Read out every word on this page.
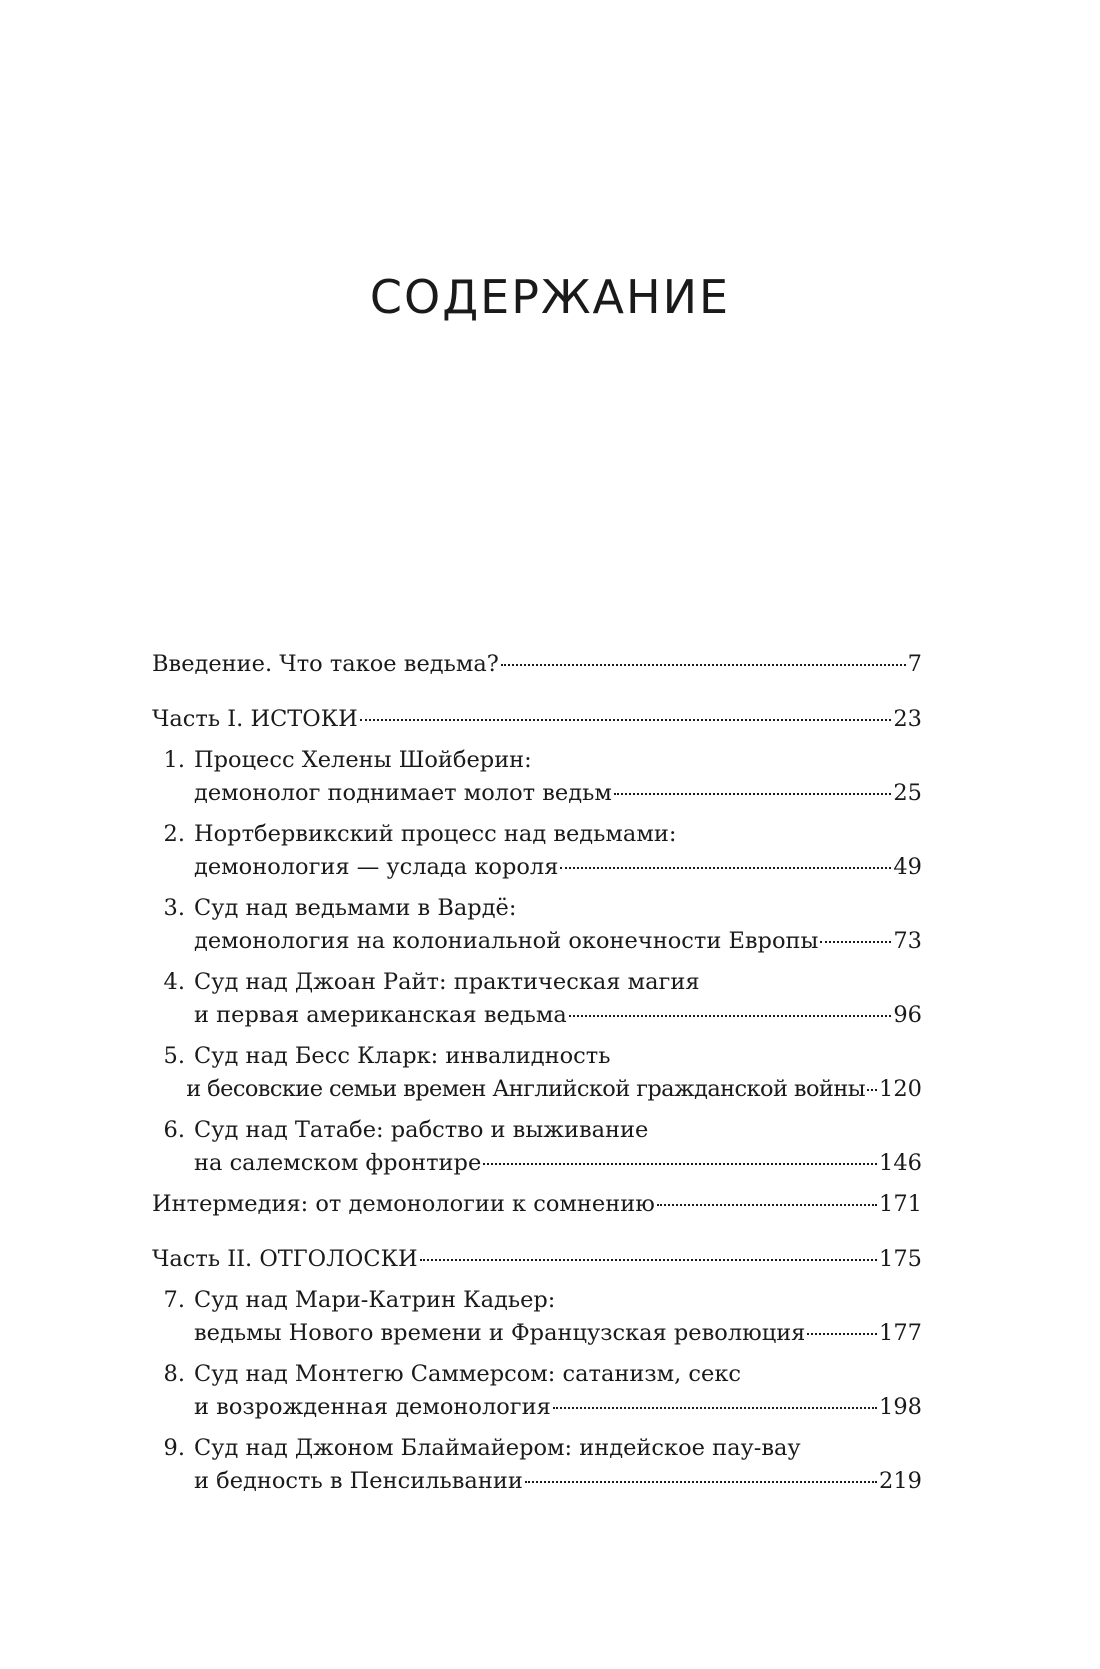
СОДЕРЖАНИЕ
Введение. Что такое ведьма?	7
Часть I. ИСТОКИ	23
1. Процесс Хелены Шойберин:
демонолог поднимает молот ведьм	25
2. Нортбервикский процесс над ведьмами:
демонология — услада короля	49
3. Суд над ведьмами в Вардё:
демонология на колониальной оконечности Европы	73
4. Суд над Джоан Райт: практическая магия
и первая американская ведьма	96
5. Суд над Бесс Кларк: инвалидность
и бесовские семьи времен Английской гражданской войны 120
6. Суд над Татабе: рабство и выживание
на салемском фронтире	146
Интермедия: от демонологии к сомнению	171
Часть II. ОТГОЛОСКИ	175
7. Суд над Мари-Катрин Кадьер:
ведьмы Нового времени и Французская революция	177
8. Суд над Монтегю Саммерсом: сатанизм, секс
и возрожденная демонология	198
9. Суд над Джоном Блаймайером: индейское пау-вау
и бедность в Пенсильвании	219
